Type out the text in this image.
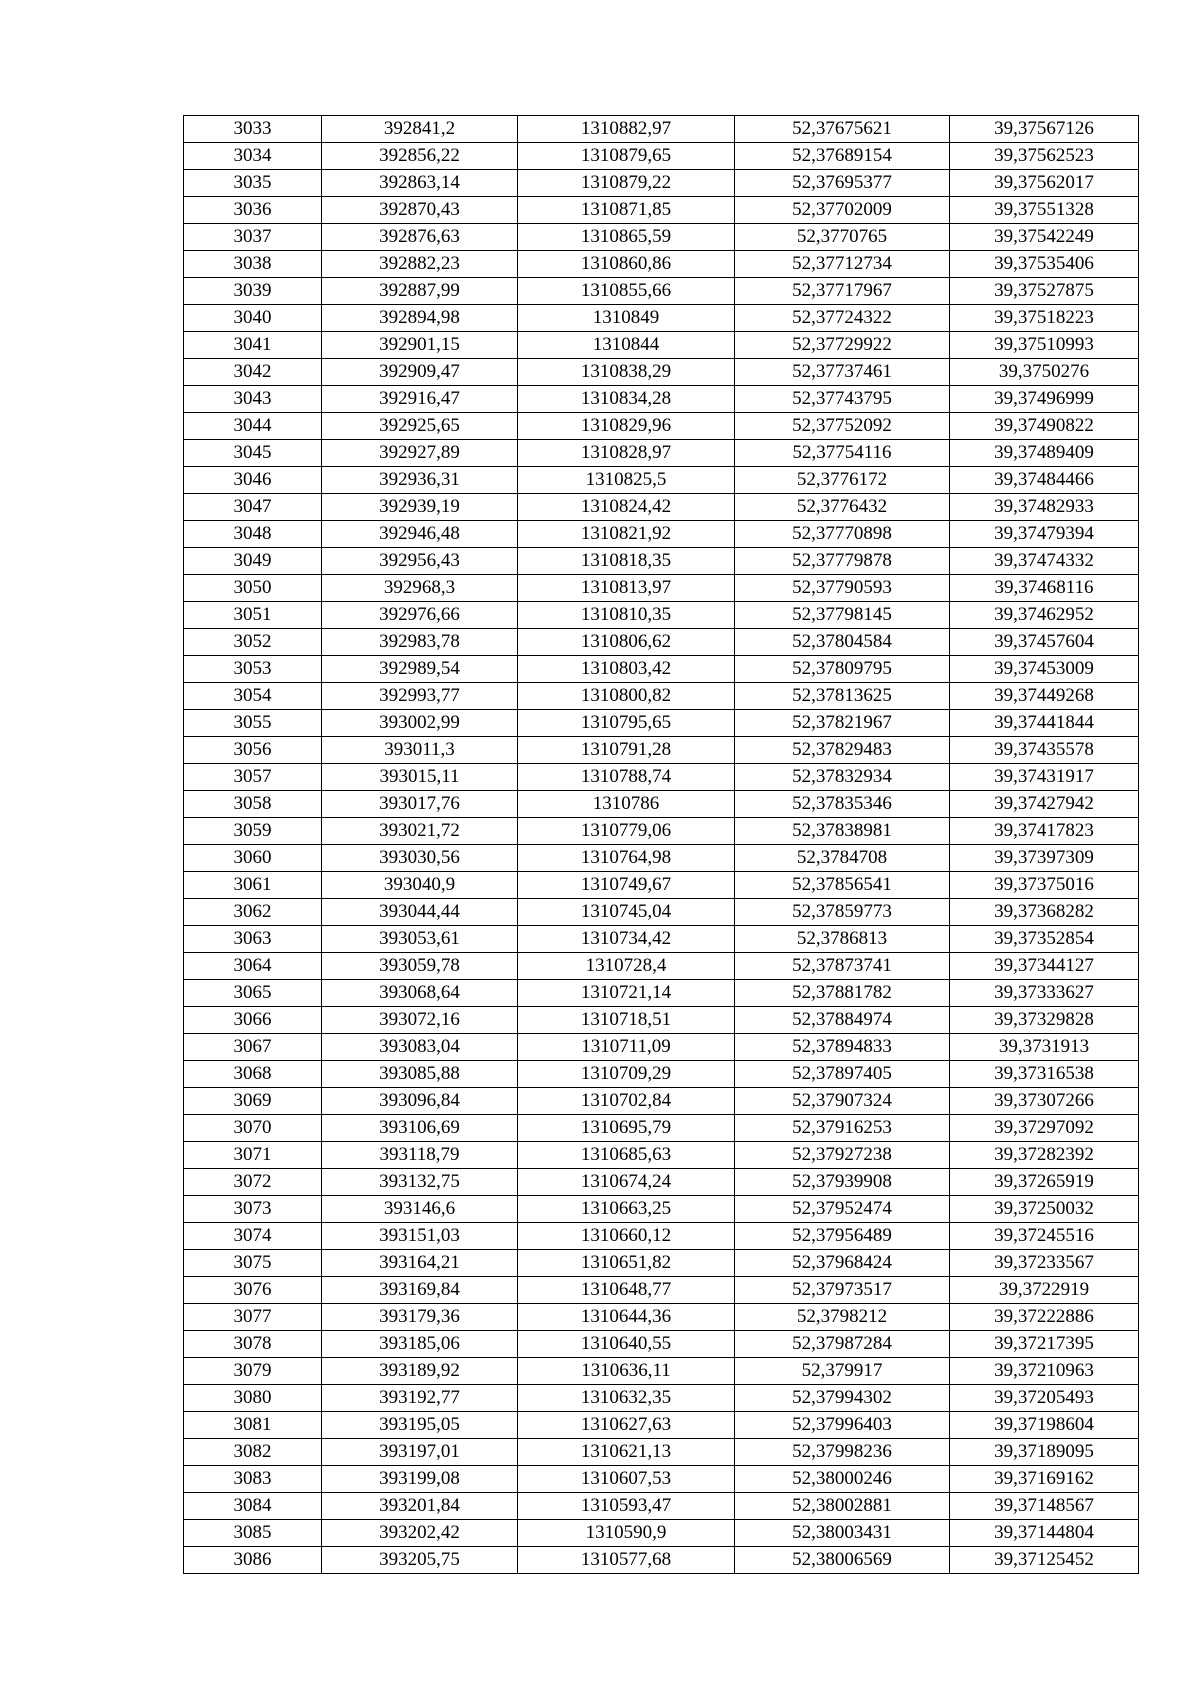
3033	392841,2	1310882,97	52,37675621	39,37567126
3034	392856,22	1310879,65	52,37689154	39,37562523
3035	392863,14	1310879,22	52,37695377	39,37562017
3036	392870,43	1310871,85	52,37702009	39,37551328
3037	392876,63	1310865,59	52,3770765	39,37542249
3038	392882,23	1310860,86	52,37712734	39,37535406
3039	392887,99	1310855,66	52,37717967	39,37527875
3040	392894,98	1310849	52,37724322	39,37518223
3041	392901,15	1310844	52,37729922	39,37510993
3042	392909,47	1310838,29	52,37737461	39,3750276
3043	392916,47	1310834,28	52,37743795	39,37496999
3044	392925,65	1310829,96	52,37752092	39,37490822
3045	392927,89	1310828,97	52,37754116	39,37489409
3046	392936,31	1310825,5	52,3776172	39,37484466
3047	392939,19	1310824,42	52,3776432	39,37482933
3048	392946,48	1310821,92	52,37770898	39,37479394
3049	392956,43	1310818,35	52,37779878	39,37474332
3050	392968,3	1310813,97	52,37790593	39,37468116
3051	392976,66	1310810,35	52,37798145	39,37462952
3052	392983,78	1310806,62	52,37804584	39,37457604
3053	392989,54	1310803,42	52,37809795	39,37453009
3054	392993,77	1310800,82	52,37813625	39,37449268
3055	393002,99	1310795,65	52,37821967	39,37441844
3056	393011,3	1310791,28	52,37829483	39,37435578
3057	393015,11	1310788,74	52,37832934	39,37431917
3058	393017,76	1310786	52,37835346	39,37427942
3059	393021,72	1310779,06	52,37838981	39,37417823
3060	393030,56	1310764,98	52,3784708	39,37397309
3061	393040,9	1310749,67	52,37856541	39,37375016
3062	393044,44	1310745,04	52,37859773	39,37368282
3063	393053,61	1310734,42	52,3786813	39,37352854
3064	393059,78	1310728,4	52,37873741	39,37344127
3065	393068,64	1310721,14	52,37881782	39,37333627
3066	393072,16	1310718,51	52,37884974	39,37329828
3067	393083,04	1310711,09	52,37894833	39,3731913
3068	393085,88	1310709,29	52,37897405	39,37316538
3069	393096,84	1310702,84	52,37907324	39,37307266
3070	393106,69	1310695,79	52,37916253	39,37297092
3071	393118,79	1310685,63	52,37927238	39,37282392
3072	393132,75	1310674,24	52,37939908	39,37265919
3073	393146,6	1310663,25	52,37952474	39,37250032
3074	393151,03	1310660,12	52,37956489	39,37245516
3075	393164,21	1310651,82	52,37968424	39,37233567
3076	393169,84	1310648,77	52,37973517	39,3722919
3077	393179,36	1310644,36	52,3798212	39,37222886
3078	393185,06	1310640,55	52,37987284	39,37217395
3079	393189,92	1310636,11	52,379917	39,37210963
3080	393192,77	1310632,35	52,37994302	39,37205493
3081	393195,05	1310627,63	52,37996403	39,37198604
3082	393197,01	1310621,13	52,37998236	39,37189095
3083	393199,08	1310607,53	52,38000246	39,37169162
3084	393201,84	1310593,47	52,38002881	39,37148567
3085	393202,42	1310590,9	52,38003431	39,37144804
3086	393205,75	1310577,68	52,38006569	39,37125452
